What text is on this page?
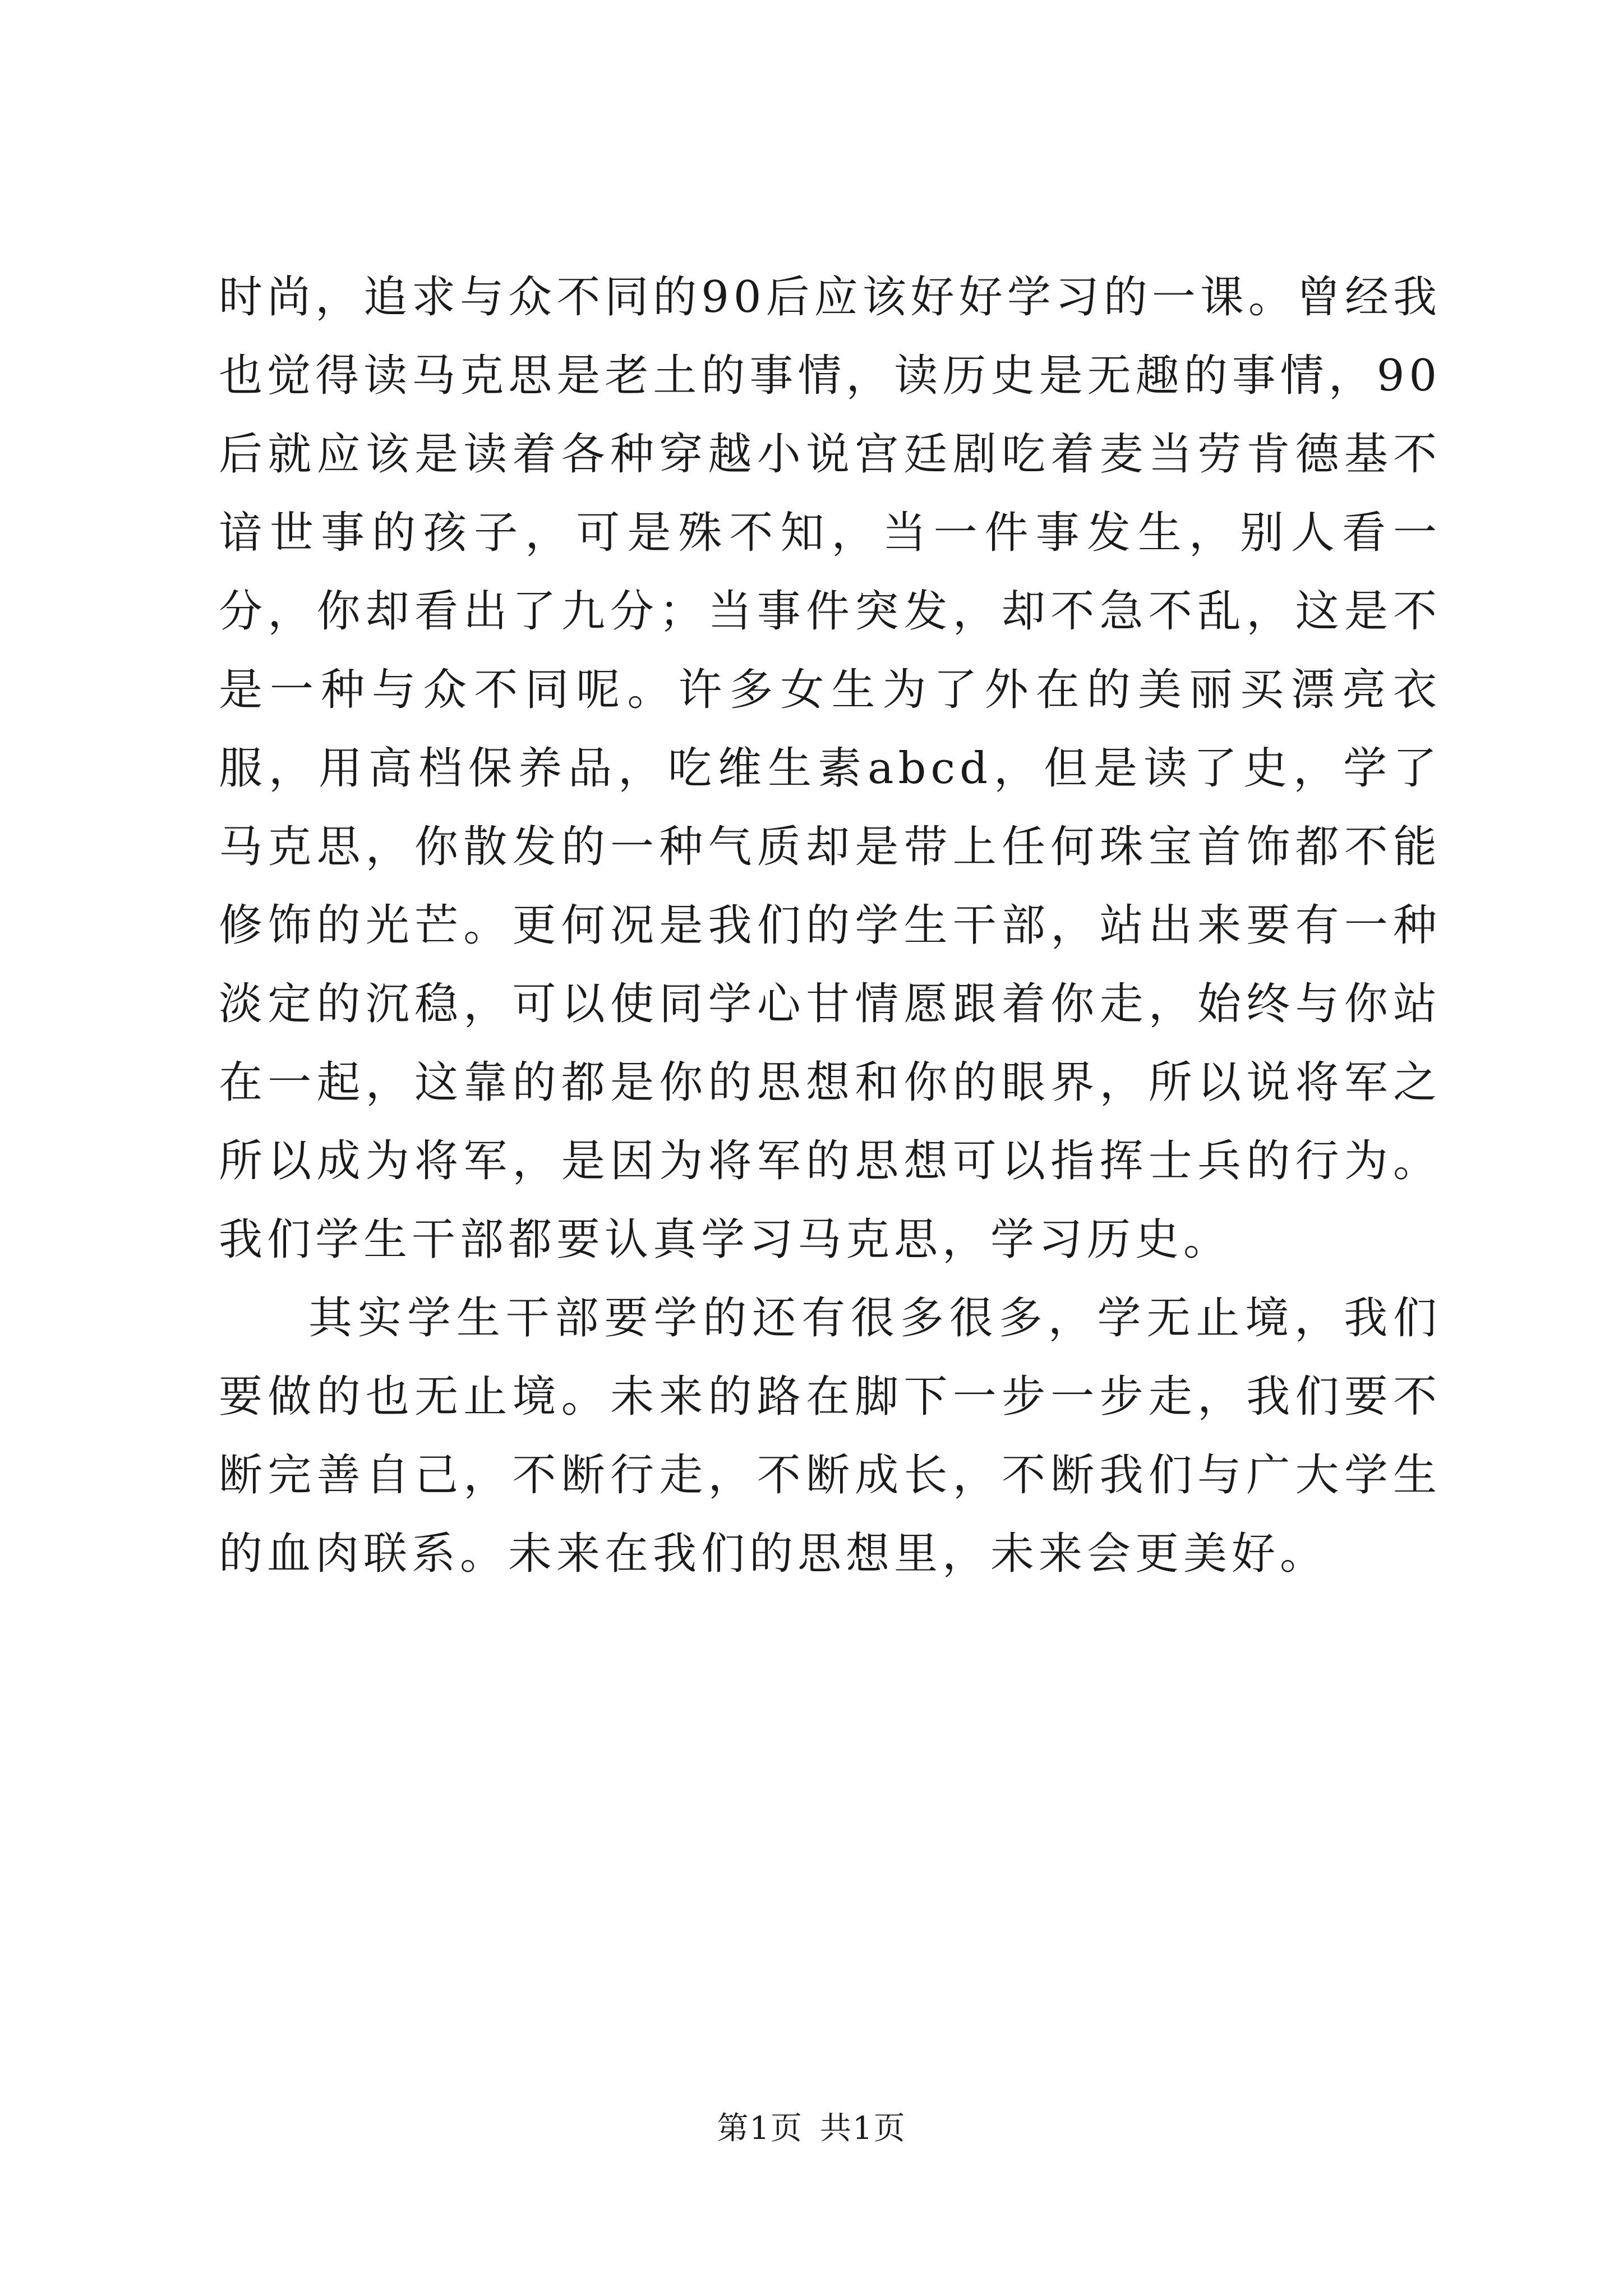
时尚，追求与众不同的90后应该好好学习的一课。曾经我也觉得读马克思是老土的事情，读历史是无趣的事情，90后就应该是读着各种穿越小说宫廷剧吃着麦当劳肯德基不谙世事的孩子，可是殊不知，当一件事发生，别人看一分，你却看出了九分；当事件突发，却不急不乱，这是不是一种与众不同呢。许多女生为了外在的美丽买漂亮衣服，用高档保养品，吃维生素abcd，但是读了史，学了马克思，你散发的一种气质却是带上任何珠宝首饰都不能修饰的光芒。更何况是我们的学生干部，站出来要有一种淡定的沉稳，可以使同学心甘情愿跟着你走，始终与你站在一起，这靠的都是你的思想和你的眼界，所以说将军之所以成为将军，是因为将军的思想可以指挥士兵的行为。我们学生干部都要认真学习马克思，学习历史。

其实学生干部要学的还有很多很多，学无止境，我们要做的也无止境。未来的路在脚下一步一步走，我们要不断完善自己，不断行走，不断成长，不断我们与广大学生的血肉联系。未来在我们的思想里，未来会更美好。

第1页 共1页
